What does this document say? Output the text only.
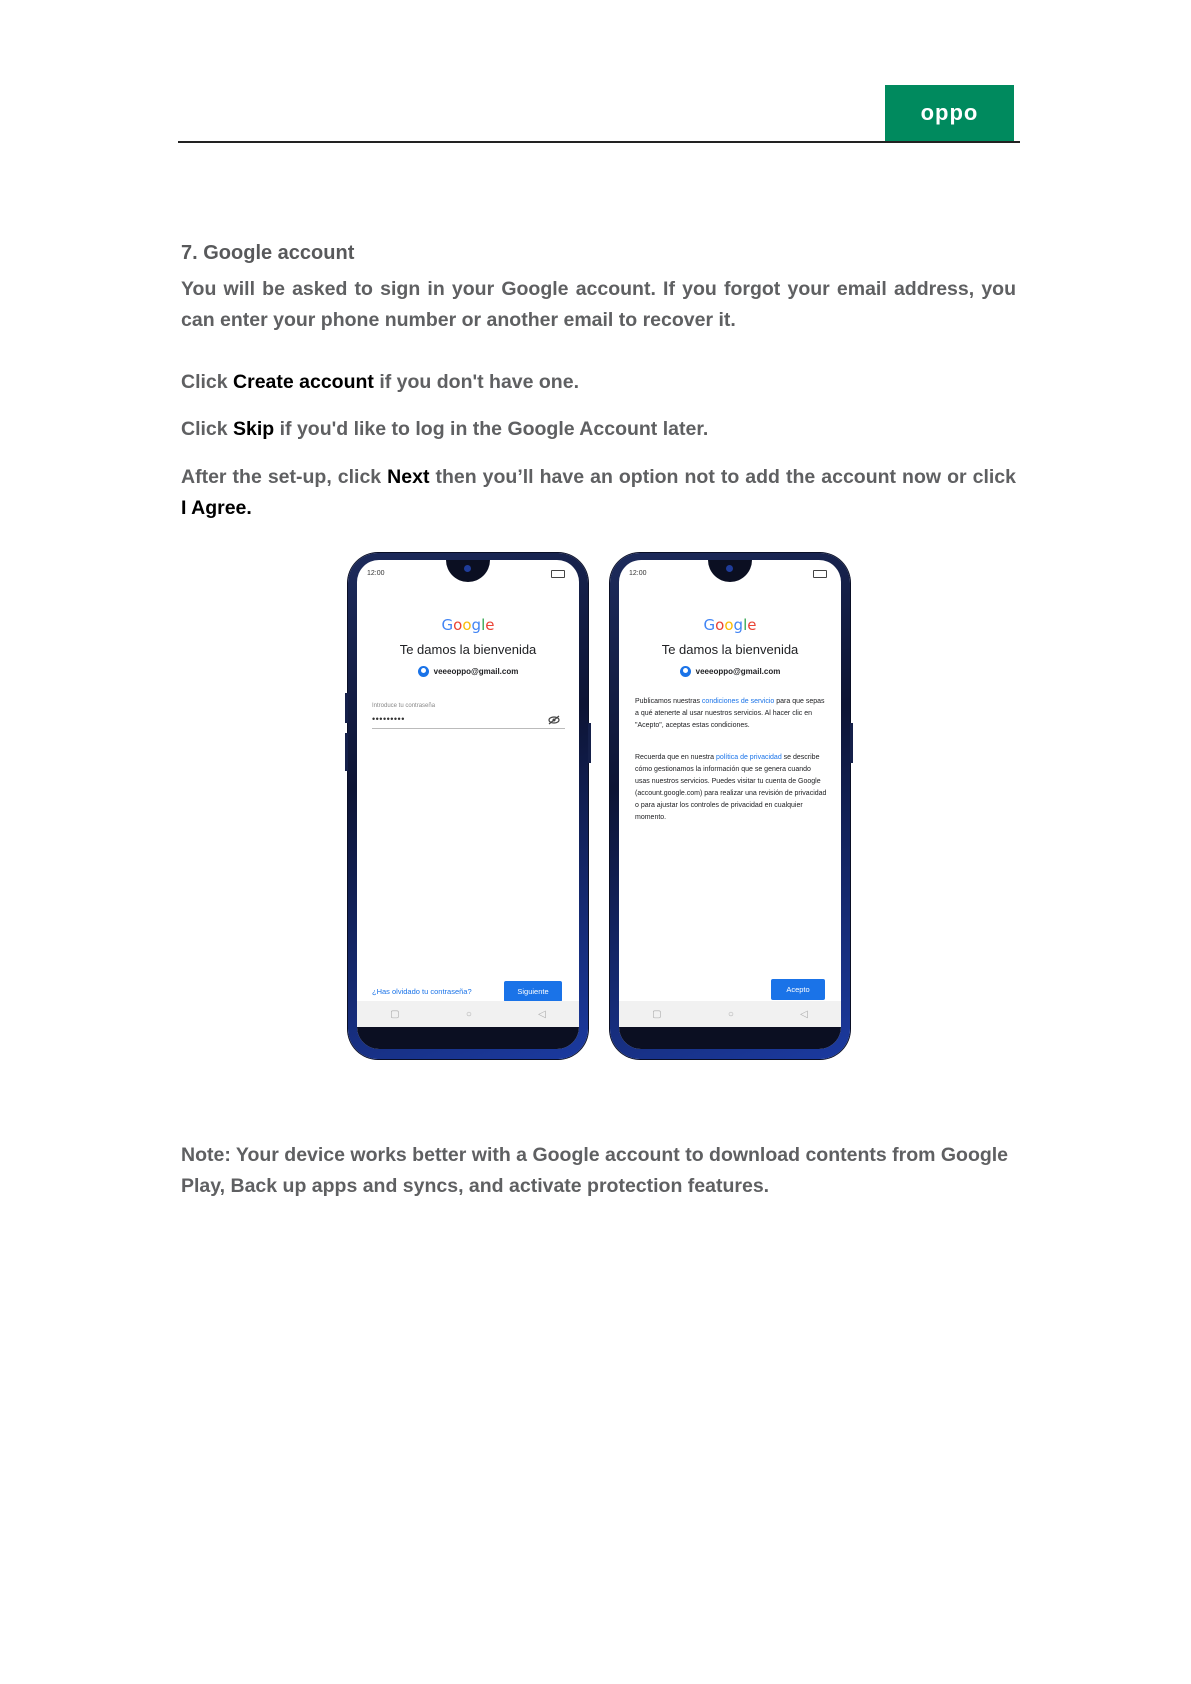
oppo
7. Google account

You will be asked to sign in your Google account. If you forgot your email address, you can enter your phone number or another email to recover it.

Click Create account if you don't have one.

Click Skip if you'd like to log in the Google Account later.

After the set-up, click Next then you’ll have an option not to add the account now or click I Agree.

12:00
Google
Te damos la bienvenida
veeeoppo@gmail.com
Introduce tu contraseña
•••••••••
¿Has olvidado tu contraseña?	Siguiente
▢	○	◁
12:00
Google
Te damos la bienvenida
veeeoppo@gmail.com
Publicamos nuestras condiciones de servicio para que sepas a qué atenerte al usar nuestros servicios. Al hacer clic en "Acepto", aceptas estas condiciones.
Recuerda que en nuestra política de privacidad se describe cómo gestionamos la información que se genera cuando usas nuestros servicios. Puedes visitar tu cuenta de Google (account.google.com) para realizar una revisión de privacidad o para ajustar los controles de privacidad en cualquier momento.
Acepto
▢	○	◁

Note: Your device works better with a Google account to download contents from Google Play, Back up apps and syncs, and activate protection features.
